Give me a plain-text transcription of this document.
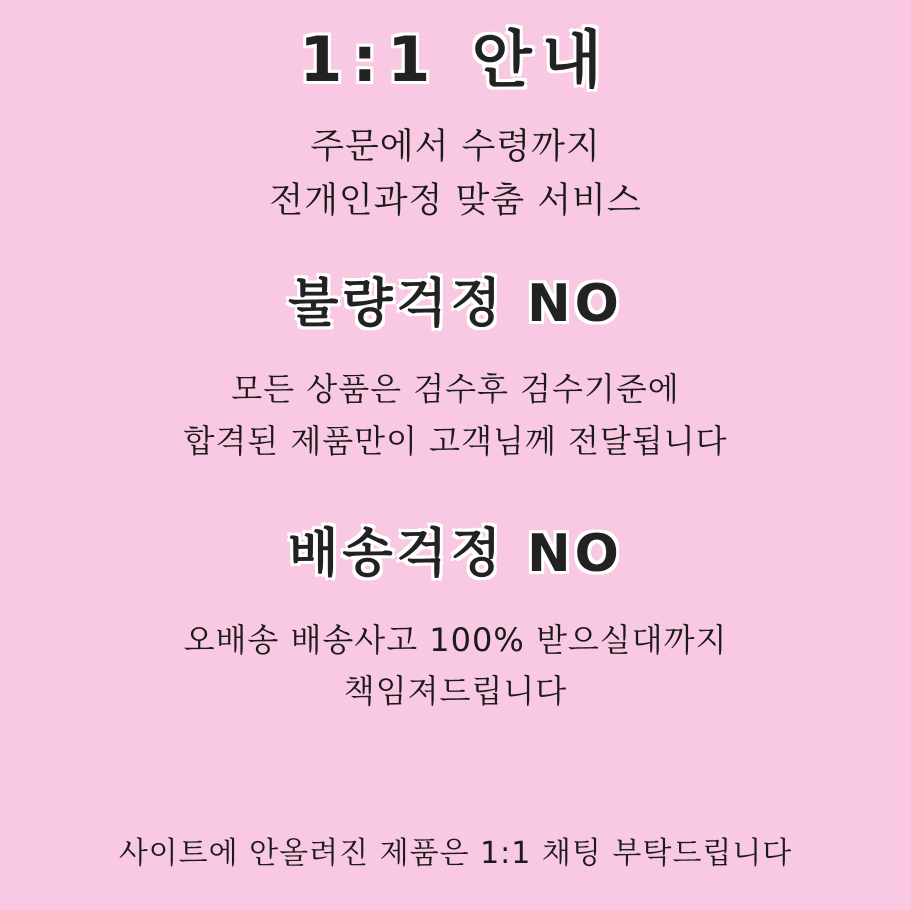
1:1 안내
주문에서 수령까지
전개인과정 맞춤 서비스
불량걱정 NO
모든 상품은 검수후 검수기준에
합격된 제품만이 고객님께 전달됩니다
배송걱정 NO
오배송 배송사고 100% 받으실대까지
책임져드립니다
사이트에 안올려진 제품은 1:1 채팅 부탁드립니다
